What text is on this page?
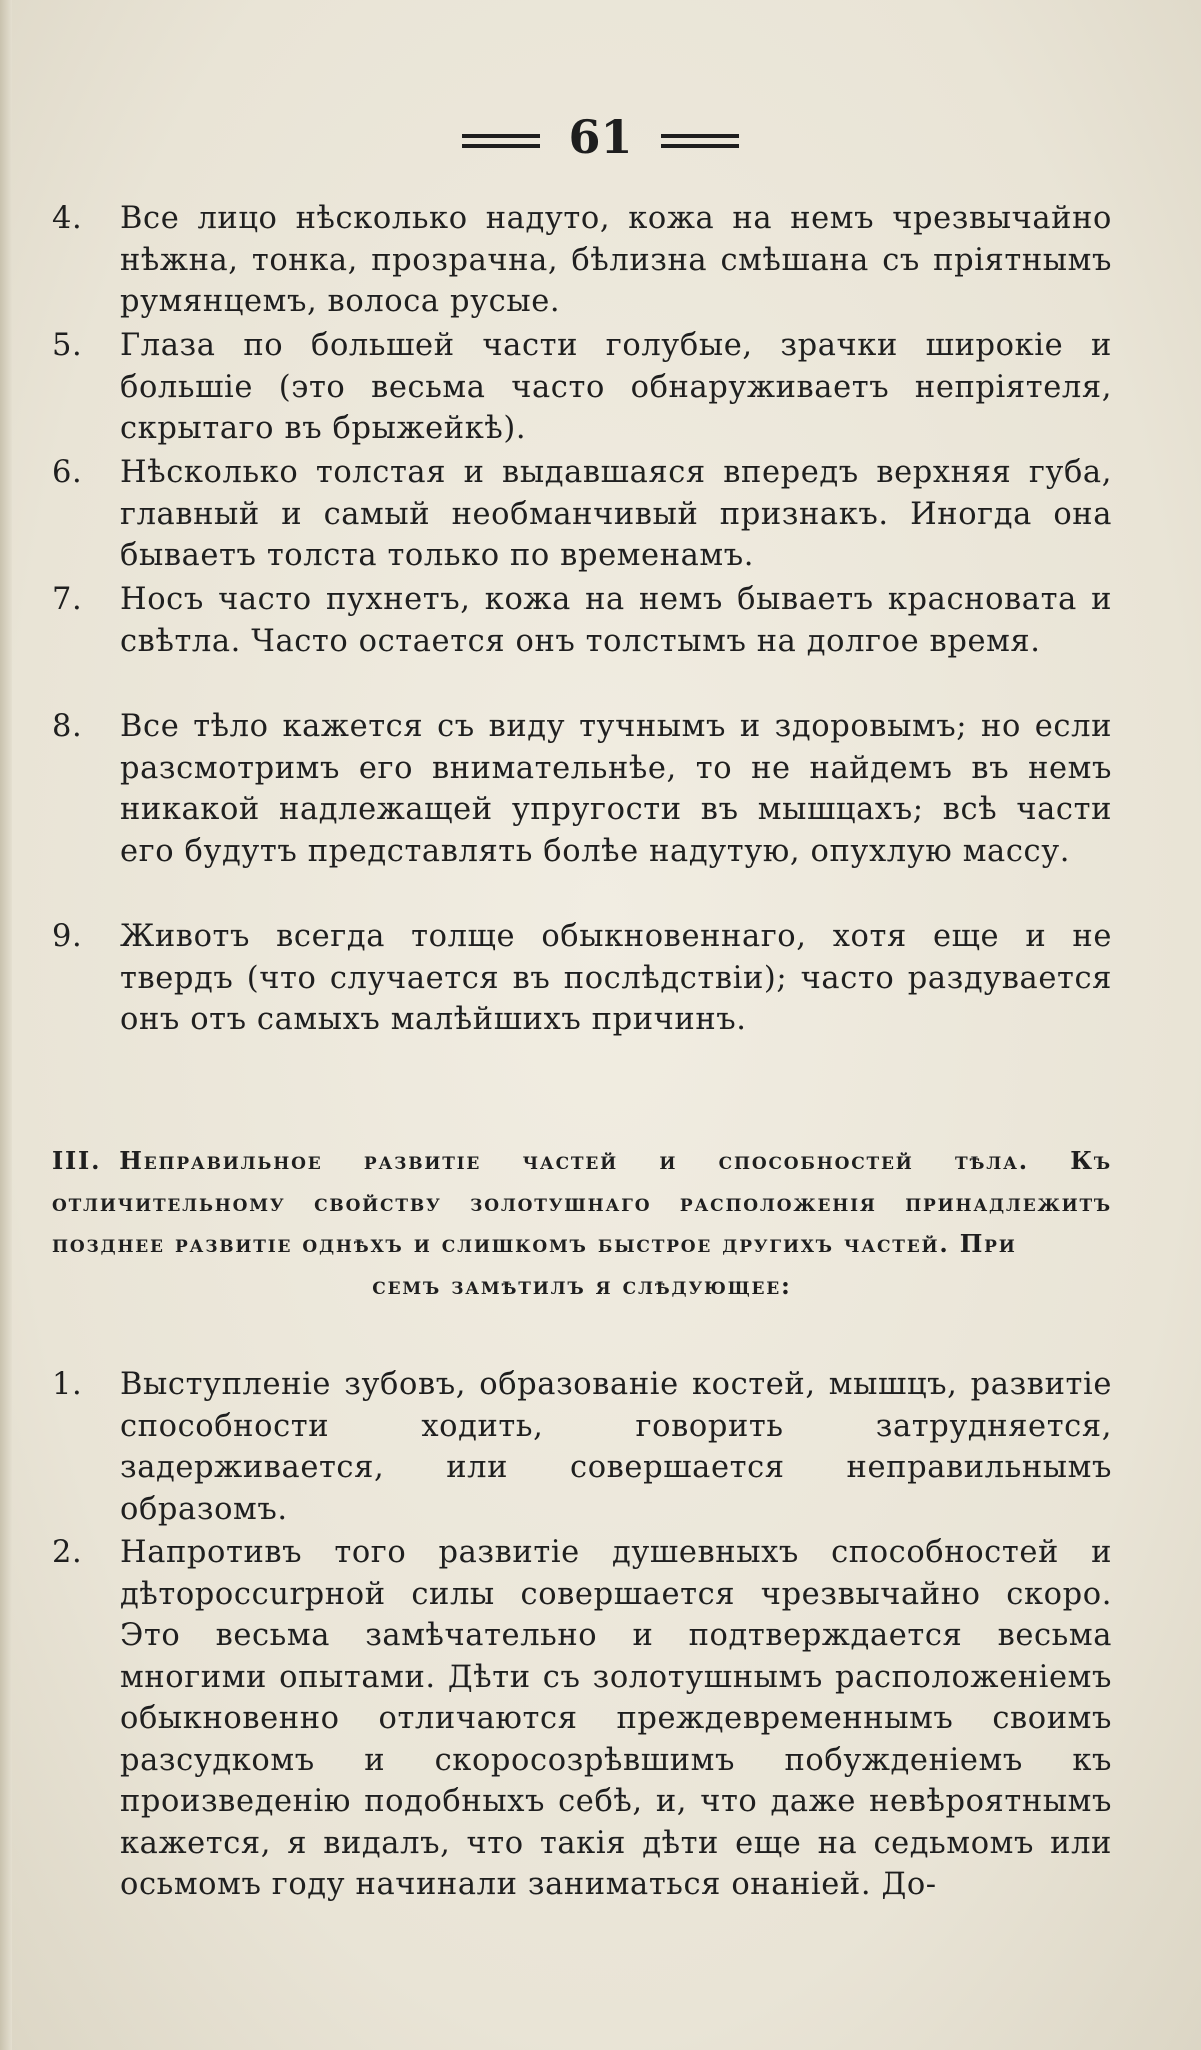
61
4.	Все лицо нѣсколько надуто, кожа на немъ чрезвычайно нѣжна, тонка, прозрачна, бѣлизна смѣшана съ пріятнымъ румянцемъ, волоса русые.
5.	Глаза по большей части голубые, зрачки широкіе и большіе (это весьма часто обнаруживаетъ непріятеля, скрытаго въ брыжейкѣ).
6.	Нѣсколько толстая и выдавшаяся впередъ верхняя губа, главный и самый необманчивый признакъ. Иногда она бываетъ толста только по временамъ.
7.	Носъ часто пухнетъ, кожа на немъ бываетъ красновата и свѣтла. Часто остается онъ толстымъ на долгое время.
8.	Все тѣло кажется съ виду тучнымъ и здоровымъ; но если разсмотримъ его внимательнѣе, то не найдемъ въ немъ никакой надлежащей упругости въ мышцахъ; всѣ части его будутъ представлять болѣе надутую, опухлую массу.
9.	Животъ всегда толще обыкновеннаго, хотя еще и не твердъ (что случается въ послѣдствіи); часто раздувается онъ отъ самыхъ малѣйшихъ причинъ.
III. Неправильное развитіе частей и способностей тѣла. Къ отличительному свойству золотушнаго расположенія принадлежитъ позднее развитіе однѣхъ и слишкомъ быстрое другихъ частей. При
семъ замѣтилъ я слѣдующее:
1.	Выступленіе зубовъ, образованіе костей, мышцъ, развитіе способности ходить, говорить затрудняется, задерживается, или совершается неправильнымъ образомъ.
2.	Напротивъ того развитіе душевныхъ способностей и дѣторoccurрной силы совершается чрезвычайно скоро. Это весьма замѣчательно и подтверждается весьма многими опытами. Дѣти съ золотушнымъ расположеніемъ обыкновенно отличаются преждевременнымъ своимъ разсудкомъ и скоросозрѣвшимъ побужденіемъ къ произведенію подобныхъ себѣ, и, что даже невѣроятнымъ кажется, я видалъ, что такія дѣти еще на седьмомъ или осьмомъ году начинали заниматься онаніей. До-
